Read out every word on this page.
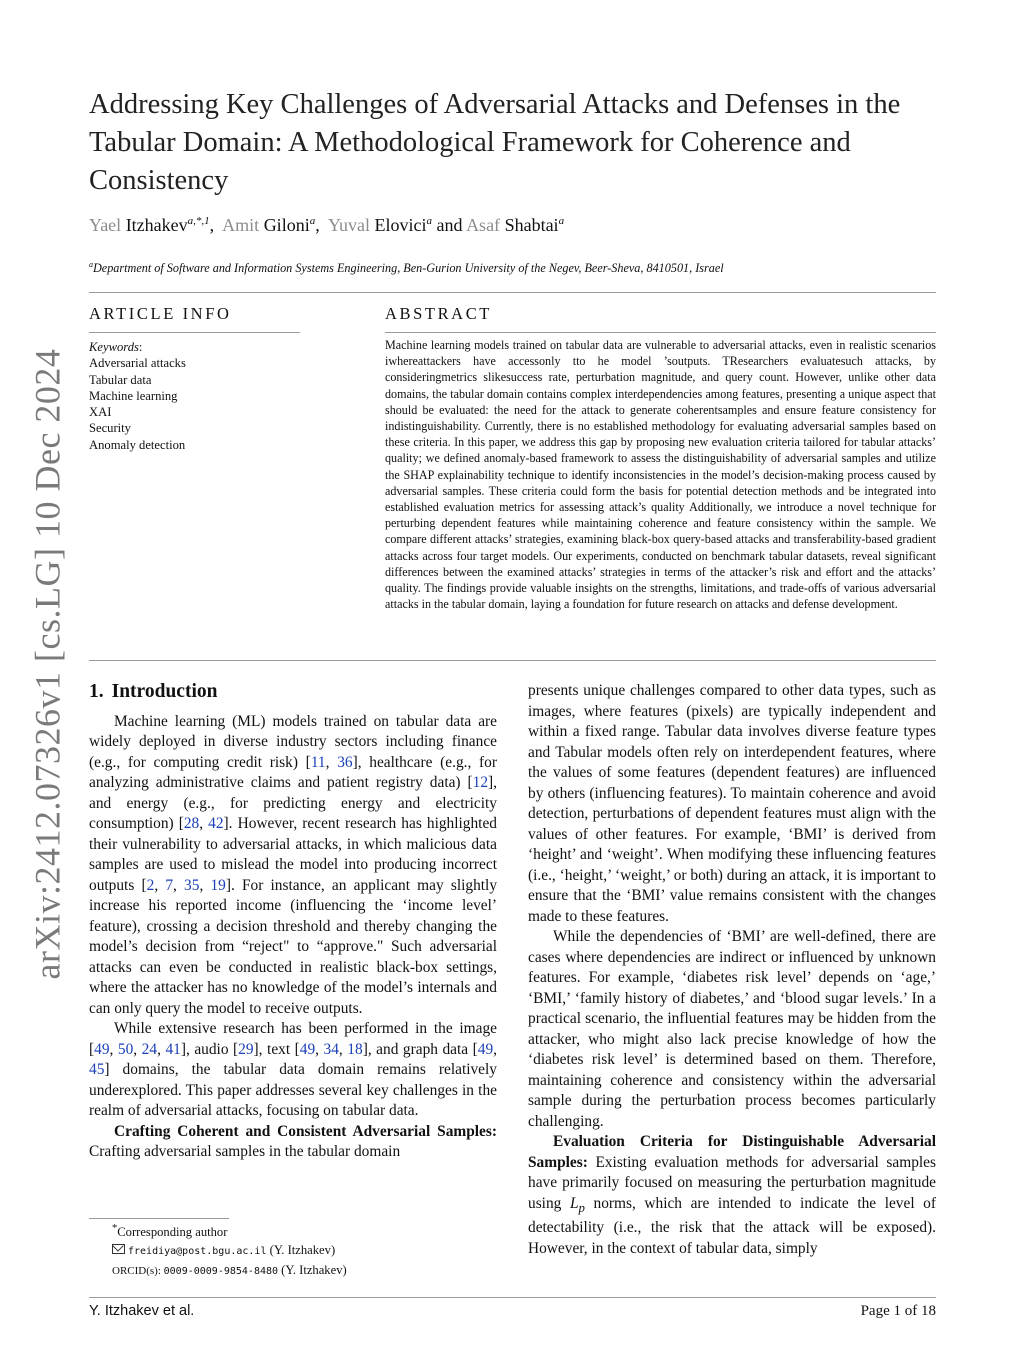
arXiv:2412.07326v1 [cs.LG] 10 Dec 2024
Addressing Key Challenges of Adversarial Attacks and Defenses in the Tabular Domain: A Methodological Framework for Coherence and Consistency
Yael Itzhakev$^{a,*,1}$,  Amit Giloni$^a$,  Yuval Elovici$^a$ and Asaf Shabtai$^a$
$^a$Department of Software and Information Systems Engineering, Ben-Gurion University of the Negev, Beer-Sheva, 8410501, Israel
ARTICLE INFO
Keywords:
Adversarial attacks
Tabular data
Machine learning
XAI
Security
Anomaly detection
ABSTRACT

Machine learning models trained on tabular data are vulnerable to adversarial attacks, even in realistic scenarios iwhereattackers have accessonly tto he model ’soutputs. TResearchers evaluatesuch attacks, by consideringmetrics slikesuccess rate, perturbation magnitude, and query count. However, unlike other data domains, the tabular domain contains complex interdependencies among features, presenting a unique aspect that should be evaluated: the need for the attack to generate coherentsamples and ensure feature consistency for indistinguishability. Currently, there is no established methodology for evaluating adversarial samples based on these criteria. In this paper, we address this gap by proposing new evaluation criteria tailored for tabular attacks’ quality; we defined anomaly-based framework to assess the distinguishability of adversarial samples and utilize the SHAP explainability technique to identify inconsistencies in the model’s decision-making process caused by adversarial samples. These criteria could form the basis for potential detection methods and be integrated into established evaluation metrics for assessing attack’s quality Additionally, we introduce a novel technique for perturbing dependent features while maintaining coherence and feature consistency within the sample. We compare different attacks’ strategies, examining black-box query-based attacks and transferability-based gradient attacks across four target models. Our experiments, conducted on benchmark tabular datasets, reveal significant differences between the examined attacks’ strategies in terms of the attacker’s risk and effort and the attacks’ quality. The findings provide valuable insights on the strengths, limitations, and trade-offs of various adversarial attacks in the tabular domain, laying a foundation for future research on attacks and defense development.

1. Introduction

Machine learning (ML) models trained on tabular data are widely deployed in diverse industry sectors including finance (e.g., for computing credit risk) [11, 36], healthcare (e.g., for analyzing administrative claims and patient registry data) [12], and energy (e.g., for predicting energy and electricity consumption) [28, 42]. However, recent research has highlighted their vulnerability to adversarial attacks, in which malicious data samples are used to mislead the model into producing incorrect outputs [2, 7, 35, 19]. For instance, an applicant may slightly increase his reported income (influencing the ‘income level’ feature), crossing a decision threshold and thereby changing the model’s decision from “reject" to “approve." Such adversarial attacks can even be conducted in realistic black-box settings, where the attacker has no knowledge of the model’s internals and can only query the model to receive outputs.

While extensive research has been performed in the image [49, 50, 24, 41], audio [29], text [49, 34, 18], and graph data [49, 45] domains, the tabular data domain remains relatively underexplored. This paper addresses several key challenges in the realm of adversarial attacks, focusing on tabular data.

Crafting Coherent and Consistent Adversarial Samples: Crafting adversarial samples in the tabular domain

*Corresponding author
freidiya@post.bgu.ac.il (Y. Itzhakev)
ORCID(s): 0009-0009-9854-8480 (Y. Itzhakev)

presents unique challenges compared to other data types, such as images, where features (pixels) are typically independent and within a fixed range. Tabular data involves diverse feature types and Tabular models often rely on interdependent features, where the values of some features (dependent features) are influenced by others (influencing features). To maintain coherence and avoid detection, perturbations of dependent features must align with the values of other features. For example, ‘BMI’ is derived from ‘height’ and ‘weight’. When modifying these influencing features (i.e., ‘height,’ ‘weight,’ or both) during an attack, it is important to ensure that the ‘BMI’ value remains consistent with the changes made to these features.

While the dependencies of ‘BMI’ are well-defined, there are cases where dependencies are indirect or influenced by unknown features. For example, ‘diabetes risk level’ depends on ‘age,’ ‘BMI,’ ‘family history of diabetes,’ and ‘blood sugar levels.’ In a practical scenario, the influential features may be hidden from the attacker, who might also lack precise knowledge of how the ‘diabetes risk level’ is determined based on them. Therefore, maintaining coherence and consistency within the adversarial sample during the perturbation process becomes particularly challenging.

Evaluation Criteria for Distinguishable Adversarial Samples: Existing evaluation methods for adversarial samples have primarily focused on measuring the perturbation magnitude using $L_p$ norms, which are intended to indicate the level of detectability (i.e., the risk that the attack will be exposed). However, in the context of tabular data, simply

Y. Itzhakev et al.	Page 1 of 18
